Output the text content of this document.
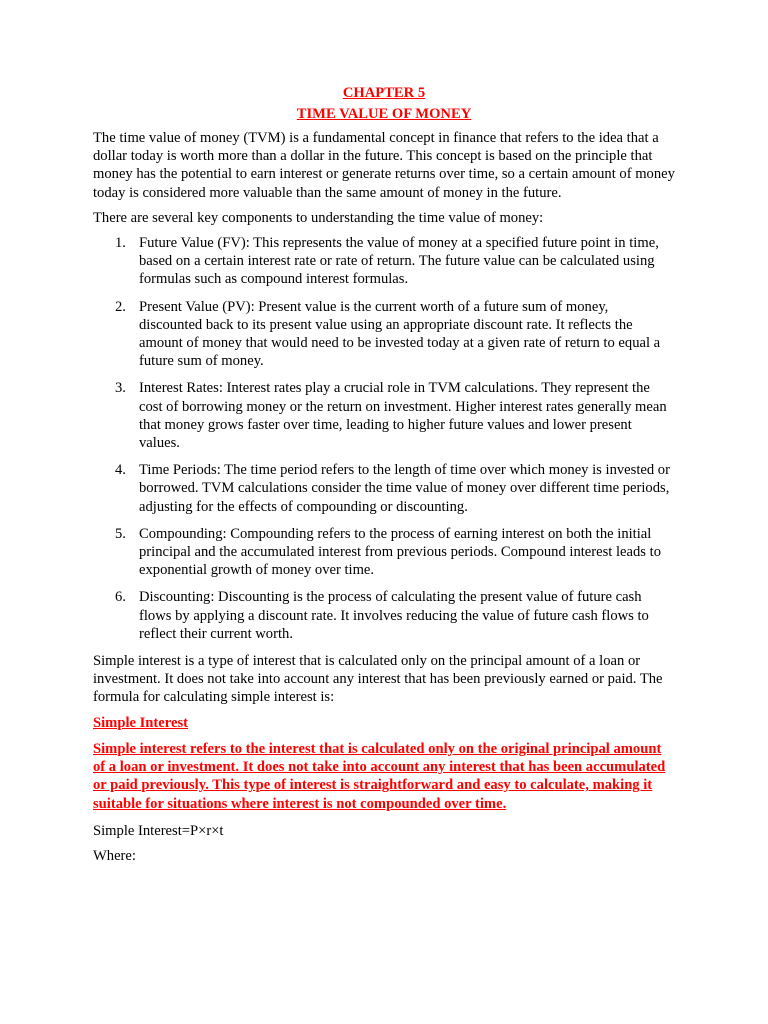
CHAPTER 5

TIME VALUE OF MONEY

The time value of money (TVM) is a fundamental concept in finance that refers to the idea that a dollar today is worth more than a dollar in the future. This concept is based on the principle that money has the potential to earn interest or generate returns over time, so a certain amount of money today is considered more valuable than the same amount of money in the future.

There are several key components to understanding the time value of money:

1. Future Value (FV): This represents the value of money at a specified future point in time, based on a certain interest rate or rate of return. The future value can be calculated using formulas such as compound interest formulas.
2. Present Value (PV): Present value is the current worth of a future sum of money, discounted back to its present value using an appropriate discount rate. It reflects the amount of money that would need to be invested today at a given rate of return to equal a future sum of money.
3. Interest Rates: Interest rates play a crucial role in TVM calculations. They represent the cost of borrowing money or the return on investment. Higher interest rates generally mean that money grows faster over time, leading to higher future values and lower present values.
4. Time Periods: The time period refers to the length of time over which money is invested or borrowed. TVM calculations consider the time value of money over different time periods, adjusting for the effects of compounding or discounting.
5. Compounding: Compounding refers to the process of earning interest on both the initial principal and the accumulated interest from previous periods. Compound interest leads to exponential growth of money over time.
6. Discounting: Discounting is the process of calculating the present value of future cash flows by applying a discount rate. It involves reducing the value of future cash flows to reflect their current worth.

Simple interest is a type of interest that is calculated only on the principal amount of a loan or investment. It does not take into account any interest that has been previously earned or paid. The formula for calculating simple interest is:

Simple Interest

Simple interest refers to the interest that is calculated only on the original principal amount of a loan or investment. It does not take into account any interest that has been accumulated or paid previously. This type of interest is straightforward and easy to calculate, making it suitable for situations where interest is not compounded over time.

Simple Interest=P×r×t

Where:
